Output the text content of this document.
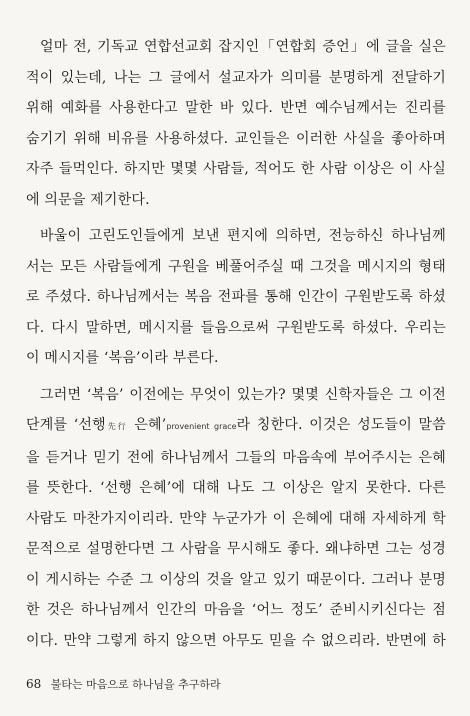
얼마 전, 기독교 연합선교회 잡지인「연합회 증언」에 글을 실은
적이 있는데, 나는 그 글에서 설교자가 의미를 분명하게 전달하기
위해 예화를 사용한다고 말한 바 있다. 반면 예수님께서는 진리를
숨기기 위해 비유를 사용하셨다. 교인들은 이러한 사실을 좋아하며
자주 들먹인다. 하지만 몇몇 사람들, 적어도 한 사람 이상은 이 사실
에 의문을 제기한다.
바울이 고린도인들에게 보낸 편지에 의하면, 전능하신 하나님께
서는 모든 사람들에게 구원을 베풀어주실 때 그것을 메시지의 형태
로 주셨다. 하나님께서는 복음 전파를 통해 인간이 구원받도록 하셨
다. 다시 말하면, 메시지를 들음으로써 구원받도록 하셨다. 우리는
이 메시지를 ‘복음’이라 부른다.
그러면 ‘복음’ 이전에는 무엇이 있는가? 몇몇 신학자들은 그 이전
단계를 ‘선행先行 은혜’provenient grace라 칭한다. 이것은 성도들이 말씀
을 듣거나 믿기 전에 하나님께서 그들의 마음속에 부어주시는 은혜
를 뜻한다. ‘선행 은혜’에 대해 나도 그 이상은 알지 못한다. 다른
사람도 마찬가지이리라. 만약 누군가가 이 은혜에 대해 자세하게 학
문적으로 설명한다면 그 사람을 무시해도 좋다. 왜냐하면 그는 성경
이 게시하는 수준 그 이상의 것을 알고 있기 때문이다. 그러나 분명
한 것은 하나님께서 인간의 마음을 ‘어느 정도’ 준비시키신다는 점
이다. 만약 그렇게 하지 않으면 아무도 믿을 수 없으리라. 반면에 하
68 불타는 마음으로 하나님을 추구하라
